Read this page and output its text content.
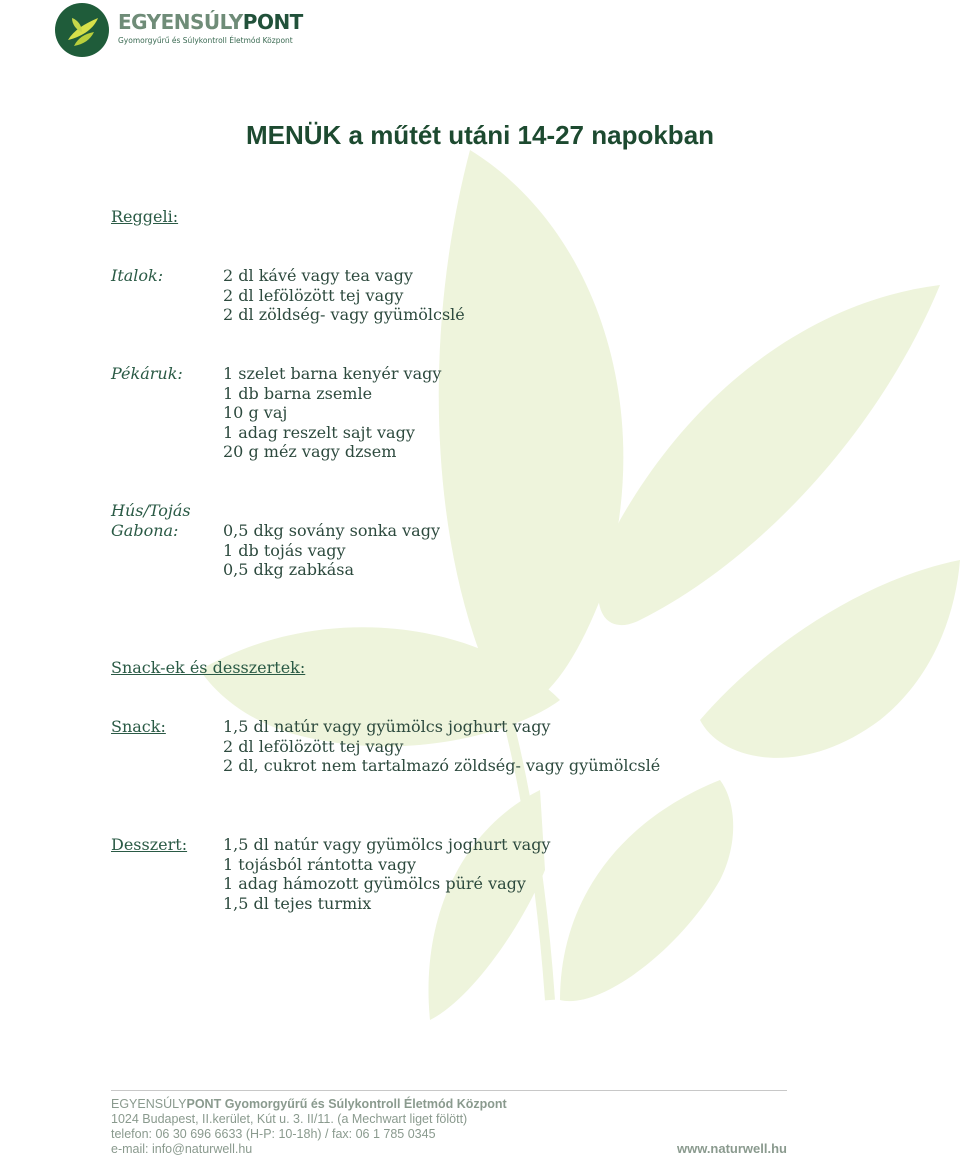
EGYENSÚLYPONT
Gyomorgyűrű és Súlykontroll Életmód Központ
MENÜK a műtét utáni 14-27 napokban
Reggeli:
Italok:	2 dl kávé vagy tea vagy
2 dl lefölözött tej vagy
2 dl zöldség- vagy gyümölcslé
Pékáruk:	1 szelet barna kenyér vagy
1 db barna zsemle
10 g vaj
1 adag reszelt sajt vagy
20 g méz vagy dzsem
Hús/Tojás
Gabona:	0,5 dkg sovány sonka vagy
1 db tojás vagy
0,5 dkg zabkása
Snack-ek és desszertek:
Snack:	1,5 dl natúr vagy gyümölcs joghurt vagy
2 dl lefölözött tej vagy
2 dl, cukrot nem tartalmazó zöldség- vagy gyümölcslé
Desszert: 1,5 dl natúr vagy gyümölcs joghurt vagy
1 tojásból rántotta vagy
1 adag hámozott gyümölcs püré vagy
1,5 dl tejes turmix
EGYENSÚLYPONT Gyomorgyűrű és Súlykontroll Életmód Központ
1024 Budapest, II.kerület, Kút u. 3. II/11. (a Mechwart liget fölött)
telefon: 06 30 696 6633 (H-P: 10-18h) / fax: 06 1 785 0345
e-mail: info@naturwell.hu	www.naturwell.hu
